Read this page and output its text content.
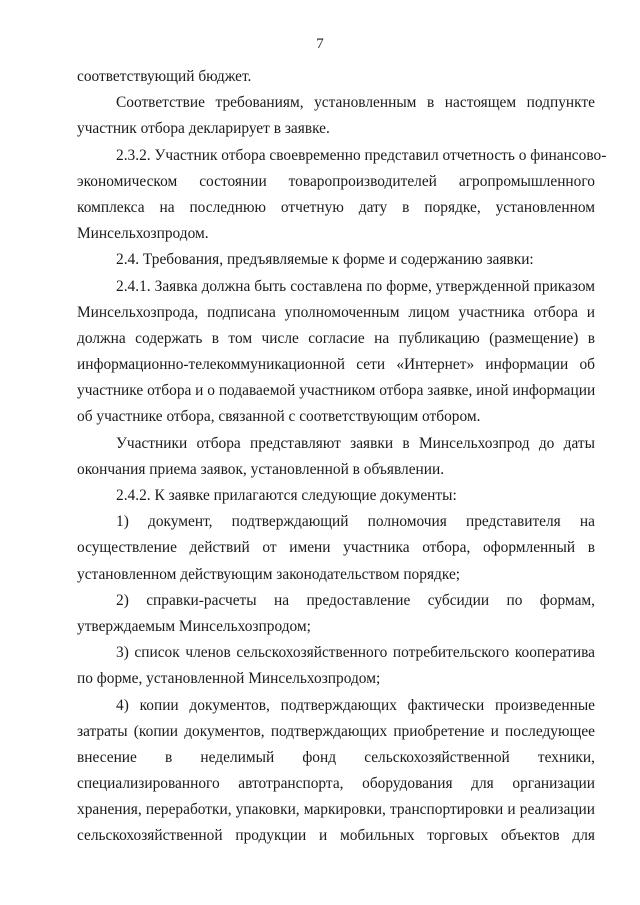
7
соответствующий бюджет.
Соответствие требованиям, установленным в настоящем подпункте
участник отбора декларирует в заявке.
2.3.2. Участник отбора своевременно представил отчетность о финансово-
экономическом состоянии товаропроизводителей агропромышленного
комплекса на последнюю отчетную дату в порядке, установленном
Минсельхозпродом.
2.4. Требования, предъявляемые к форме и содержанию заявки:
2.4.1. Заявка должна быть составлена по форме, утвержденной приказом
Минсельхозпрода, подписана уполномоченным лицом участника отбора и
должна содержать в том числе согласие на публикацию (размещение) в
информационно-телекоммуникационной сети «Интернет» информации об
участнике отбора и о подаваемой участником отбора заявке, иной информации
об участнике отбора, связанной с соответствующим отбором.
Участники отбора представляют заявки в Минсельхозпрод до даты
окончания приема заявок, установленной в объявлении.
2.4.2. К заявке прилагаются следующие документы:
1) документ, подтверждающий полномочия представителя на
осуществление действий от имени участника отбора, оформленный в
установленном действующим законодательством порядке;
2) справки-расчеты на предоставление субсидии по формам,
утверждаемым Минсельхозпродом;
3) список членов сельскохозяйственного потребительского кооператива
по форме, установленной Минсельхозпродом;
4) копии документов, подтверждающих фактически произведенные
затраты (копии документов, подтверждающих приобретение и последующее
внесение в неделимый фонд сельскохозяйственной техники,
специализированного автотранспорта, оборудования для организации
хранения, переработки, упаковки, маркировки, транспортировки и реализации
сельскохозяйственной продукции и мобильных торговых объектов для
